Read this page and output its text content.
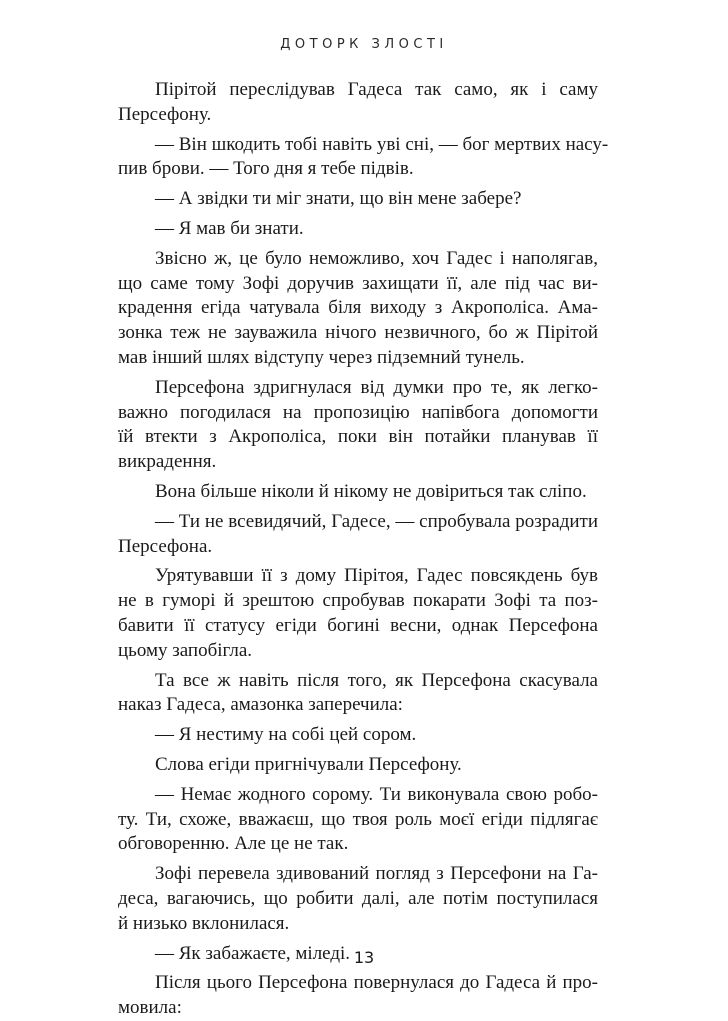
ДОТОРК ЗЛОСТІ
Пірітой переслідував Гадеса так само, як і саму
Персефону.
— Він шкодить тобі навіть уві сні, — бог мертвих насу-
пив брови. — Того дня я тебе підвів.
— А звідки ти міг знати, що він мене забере?
— Я мав би знати.
Звісно ж, це було неможливо, хоч Гадес і наполягав,
що саме тому Зофі доручив захищати її, але під час ви-
крадення егіда чатувала біля виходу з Акрополіса. Ама-
зонка теж не зауважила нічого незвичного, бо ж Пірітой
мав інший шлях відступу через підземний тунель.
Персефона здригнулася від думки про те, як легко-
важно погодилася на пропозицію напівбога допомогти
їй втекти з Акрополіса, поки він потайки планував її
викрадення.
Вона більше ніколи й нікому не довіриться так сліпо.
— Ти не всевидячий, Гадесе, — спробувала розрадити
Персефона.
Урятувавши її з дому Пірітоя, Гадес повсякдень був
не в гуморі й зрештою спробував покарати Зофі та поз-
бавити її статусу егіди богині весни, однак Персефона
цьому запобігла.
Та все ж навіть після того, як Персефона скасувала
наказ Гадеса, амазонка заперечила:
— Я нестиму на собі цей сором.
Слова егіди пригнічували Персефону.
— Немає жодного сорому. Ти виконувала свою робо-
ту. Ти, схоже, вважаєш, що твоя роль моєї егіди підлягає
обговоренню. Але це не так.
Зофі перевела здивований погляд з Персефони на Га-
деса, вагаючись, що робити далі, але потім поступилася
й низько вклонилася.
— Як забажаєте, міледі.
Після цього Персефона повернулася до Гадеса й про-
мовила:
13
